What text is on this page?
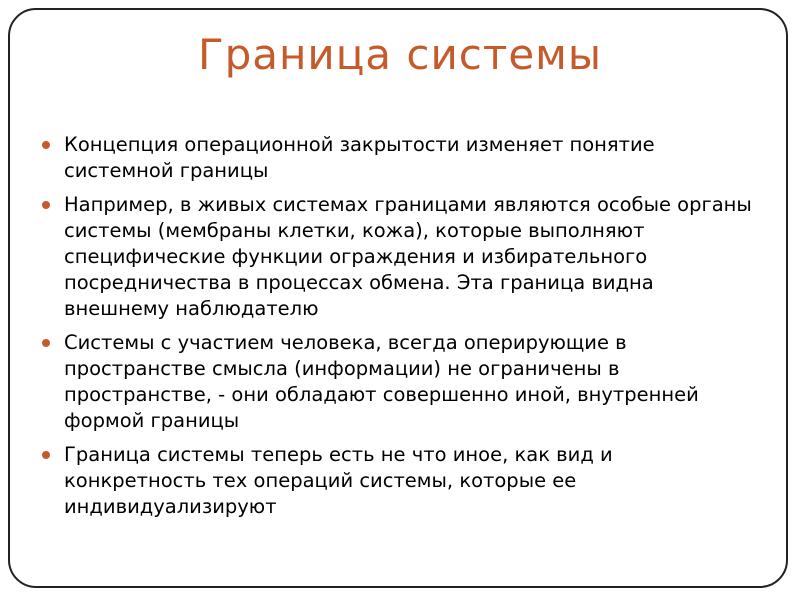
Граница системы
Концепция операционной закрытости изменяет понятие системной границы
Например, в живых системах границами являются особые органы системы (мембраны клетки, кожа), которые выполняют специфические функции ограждения и избирательного посредничества в процессах обмена. Эта граница видна внешнему наблюдателю
Системы с участием человека, всегда оперирующие в пространстве смысла (информации) не ограничены в пространстве, - они обладают совершенно иной, внутренней формой границы
Граница системы теперь есть не что иное, как вид и конкретность тех операций системы, которые ее индивидуализируют
